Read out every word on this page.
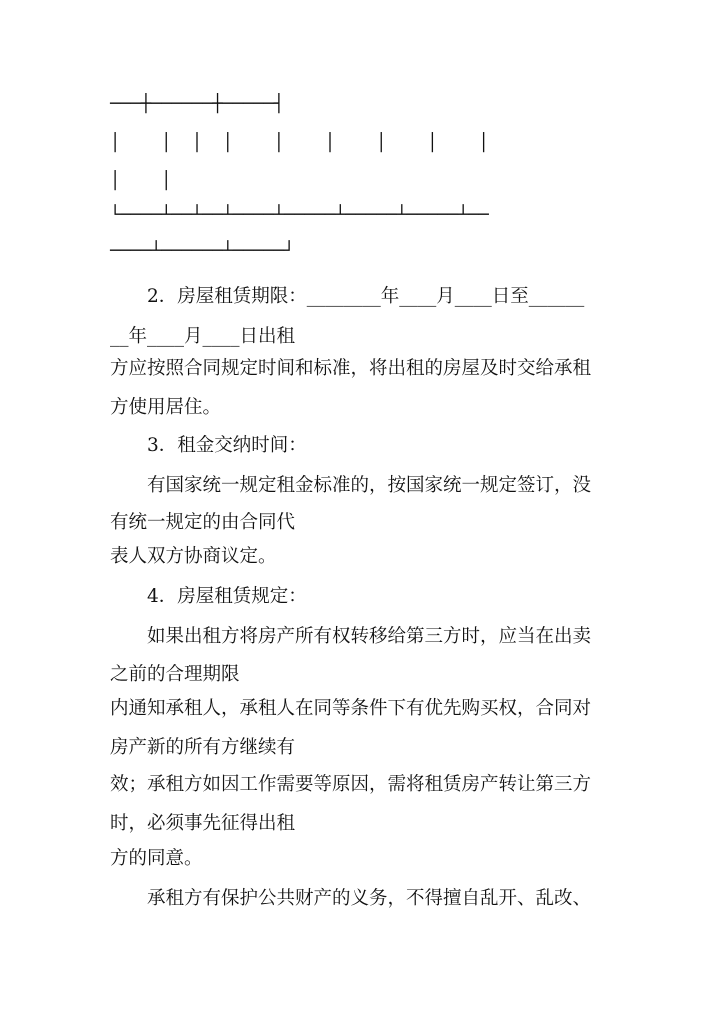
───┼──────┼─────┤
│    │  │  │    │    │    │    │    │
│    │
└────┴──┴──┴────┴─────┴─────┴─────┴──
────┴──────┴─────┘
　　2．房屋租赁期限：________年____月____日至______
__年____月____日出租
方应按照合同规定时间和标准，将出租的房屋及时交给承租
方使用居住。
　　3．租金交纳时间：
　　有国家统一规定租金标准的，按国家统一规定签订，没
有统一规定的由合同代
表人双方协商议定。
　　4．房屋租赁规定：
　　如果出租方将房产所有权转移给第三方时，应当在出卖
之前的合理期限
内通知承租人，承租人在同等条件下有优先购买权，合同对
房产新的所有方继续有
效；承租方如因工作需要等原因，需将租赁房产转让第三方
时，必须事先征得出租
方的同意。
　　承租方有保护公共财产的义务，不得擅自乱开、乱改、
